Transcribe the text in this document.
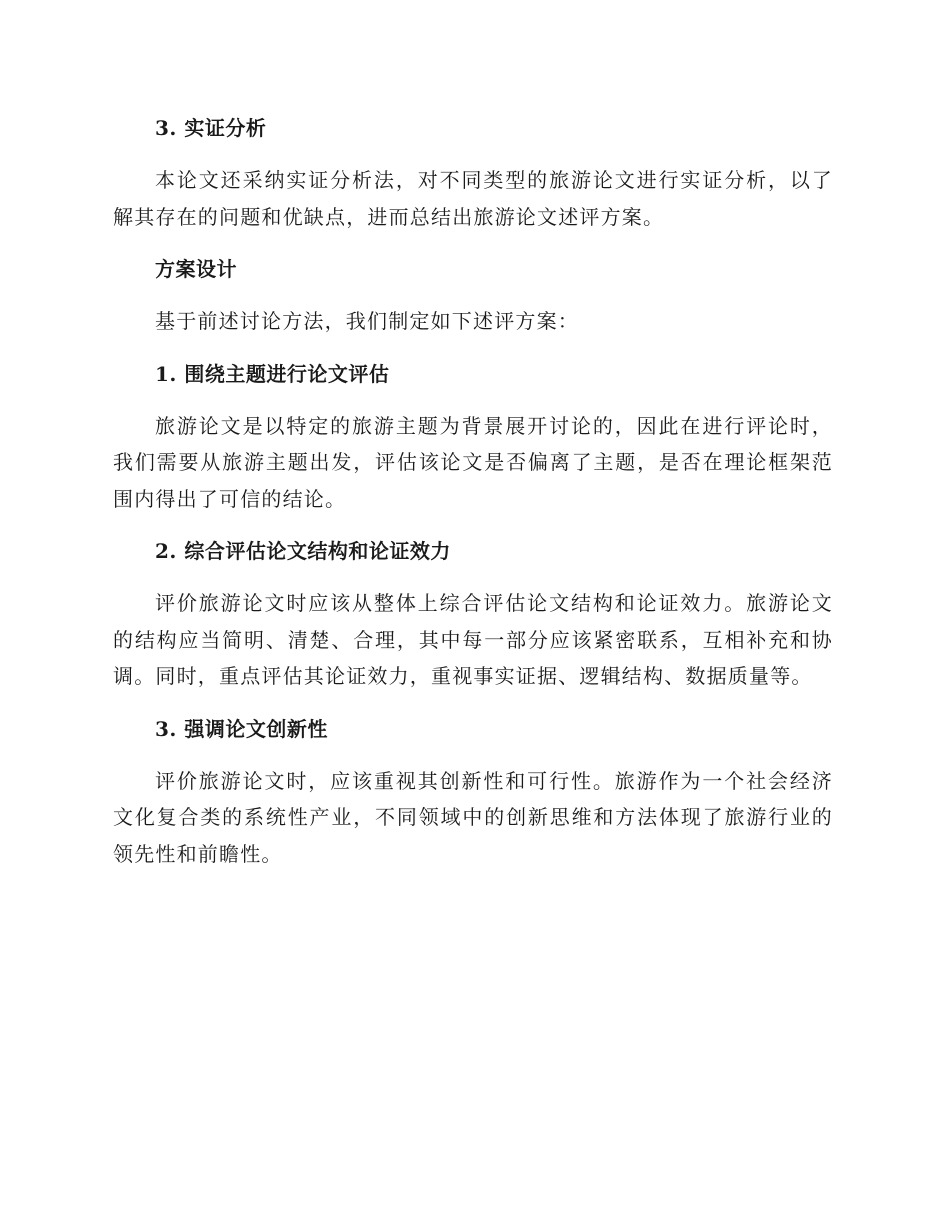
3. 实证分析

本论文还采纳实证分析法，对不同类型的旅游论文进行实证分析，以了解其存在的问题和优缺点，进而总结出旅游论文述评方案。

方案设计

基于前述讨论方法，我们制定如下述评方案：

1. 围绕主题进行论文评估

旅游论文是以特定的旅游主题为背景展开讨论的，因此在进行评论时，我们需要从旅游主题出发，评估该论文是否偏离了主题，是否在理论框架范围内得出了可信的结论。

2. 综合评估论文结构和论证效力

评价旅游论文时应该从整体上综合评估论文结构和论证效力。旅游论文的结构应当简明、清楚、合理，其中每一部分应该紧密联系，互相补充和协调。同时，重点评估其论证效力，重视事实证据、逻辑结构、数据质量等。

3. 强调论文创新性

评价旅游论文时，应该重视其创新性和可行性。旅游作为一个社会经济文化复合类的系统性产业，不同领域中的创新思维和方法体现了旅游行业的领先性和前瞻性。
